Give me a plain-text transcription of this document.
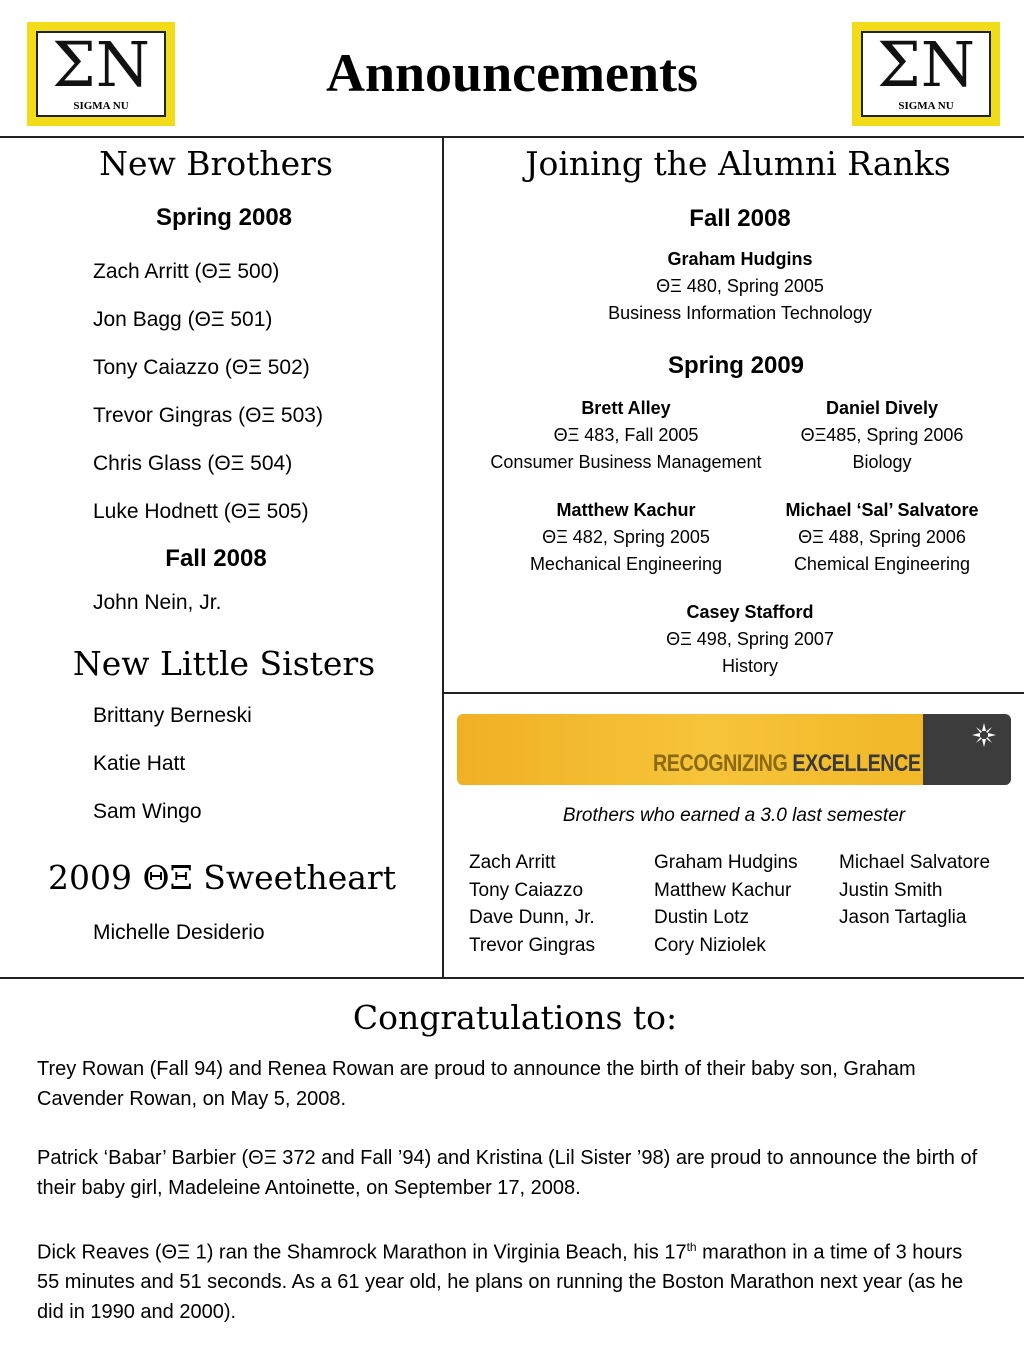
ΣN
SIGMA NU
Announcements	ΣN
SIGMA NU
New Brothers
Spring 2008
Zach Arritt (ΘΞ 500)
Jon Bagg (ΘΞ 501)
Tony Caiazzo (ΘΞ 502)
Trevor Gingras (ΘΞ 503)
Chris Glass (ΘΞ 504)
Luke Hodnett (ΘΞ 505)
Fall 2008
John Nein, Jr.
New Little Sisters
Brittany Berneski
Katie Hatt
Sam Wingo
2009 ΘΞ Sweetheart
Michelle Desiderio
Joining the Alumni Ranks
Fall 2008
Graham Hudgins
ΘΞ 480, Spring 2005
Business Information Technology
Spring 2009
Brett Alley
ΘΞ 483, Fall 2005
Consumer Business Management
Daniel Dively
ΘΞ485, Spring 2006
Biology
Matthew Kachur
ΘΞ 482, Spring 2005
Mechanical Engineering
Michael ‘Sal’ Salvatore
ΘΞ 488, Spring 2006
Chemical Engineering
Casey Stafford
ΘΞ 498, Spring 2007
History
RECOGNIZING EXCELLENCE
Brothers who earned a 3.0 last semester
Zach Arritt
Tony Caiazzo
Dave Dunn, Jr.
Trevor Gingras
Graham Hudgins
Matthew Kachur
Dustin Lotz
Cory Niziolek
Michael Salvatore
Justin Smith
Jason Tartaglia
Congratulations to:
Trey Rowan (Fall 94) and Renea Rowan are proud to announce the birth of their baby son, Graham Cavender Rowan, on May 5, 2008.
Patrick ‘Babar’ Barbier (ΘΞ 372 and Fall ’94) and Kristina (Lil Sister ’98) are proud to announce the birth of their baby girl, Madeleine Antoinette, on September 17, 2008.
Dick Reaves (ΘΞ 1) ran the Shamrock Marathon in Virginia Beach, his 17th marathon in a time of 3 hours 55 minutes and 51 seconds. As a 61 year old, he plans on running the Boston Marathon next year (as he did in 1990 and 2000).
